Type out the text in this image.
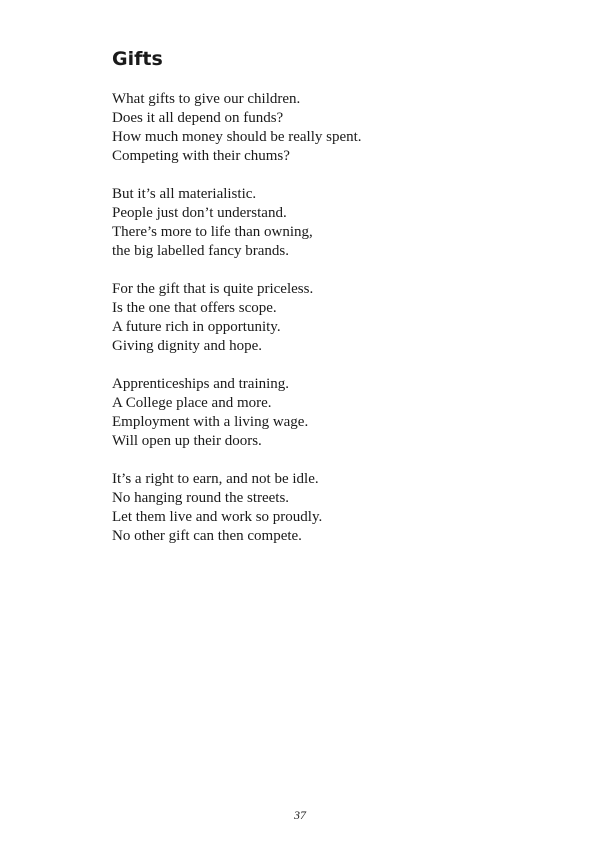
Gifts
What gifts to give our children.
Does it all depend on funds?
How much money should be really spent.
Competing with their chums?
But it’s all materialistic.
People just don’t understand.
There’s more to life than owning,
the big labelled fancy brands.
For the gift that is quite priceless.
Is the one that offers scope.
A future rich in opportunity.
Giving dignity and hope.
Apprenticeships and training.
A College place and more.
Employment with a living wage.
Will open up their doors.
It’s a right to earn, and not be idle.
No hanging round the streets.
Let them live and work so proudly.
No other gift can then compete.
37
